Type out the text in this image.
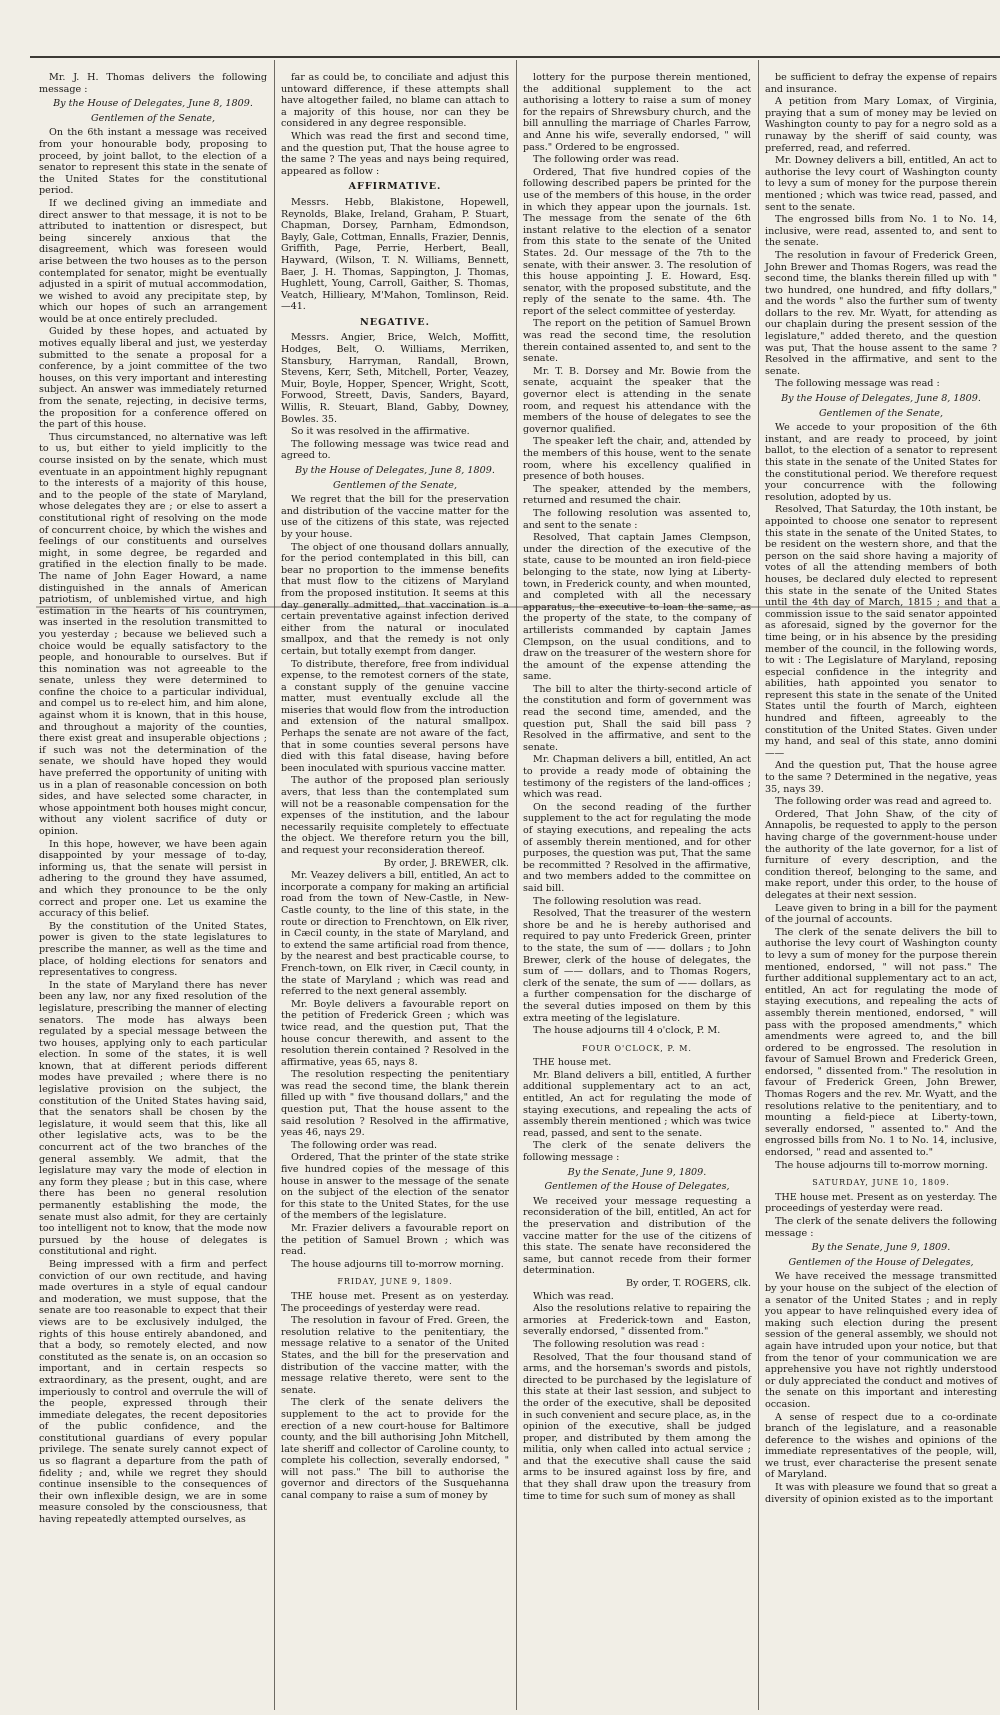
Mr. J. H. Thomas delivers the following message :

By the House of Delegates, June 8, 1809.

Gentlemen of the Senate,

On the 6th instant a message was received from your honourable body, proposing to proceed, by joint ballot, to the election of a senator to represent this state in the senate of the United States for the constitutional period.

If we declined giving an immediate and direct answer to that message, it is not to be attributed to inattention or disrespect, but being sincerely anxious that the disagreement, which was foreseen would arise between the two houses as to the person contemplated for senator, might be eventually adjusted in a spirit of mutual accommodation, we wished to avoid any precipitate step, by which our hopes of such an arrangement would be at once entirely precluded.

Guided by these hopes, and actuated by motives equally liberal and just, we yesterday submitted to the senate a proposal for a conference, by a joint committee of the two houses, on this very important and interesting subject. An answer was immediately returned from the senate, rejecting, in decisive terms, the proposition for a conference offered on the part of this house.

Thus circumstanced, no alternative was left to us, but either to yield implicitly to the course insisted on by the senate, which must eventuate in an appointment highly repugnant to the interests of a majority of this house, and to the people of the state of Maryland, whose delegates they are ; or else to assert a constitutional right of resolving on the mode of concurrent choice, by which the wishes and feelings of our constituents and ourselves might, in some degree, be regarded and gratified in the election finally to be made. The name of John Eager Howard, a name distinguished in the annals of American patriotism, of unblemished virtue, and high estimation in the hearts of his countrymen, was inserted in the resolution transmitted to you yesterday ; because we believed such a choice would be equally satisfactory to the people, and honourable to ourselves. But if this nomination was not agreeable to the senate, unless they were determined to confine the choice to a particular individual, and compel us to re-elect him, and him alone, against whom it is known, that in this house, and throughout a majority of the counties, there exist great and insuperable objections ; if such was not the determination of the senate, we should have hoped they would have preferred the opportunity of uniting with us in a plan of reasonable concession on both sides, and have selected some character, in whose appointment both houses might concur, without any violent sacrifice of duty or opinion.

In this hope, however, we have been again disappointed by your message of to-day, informing us, that the senate will persist in adhering to the ground they have assumed, and which they pronounce to be the only correct and proper one. Let us examine the accuracy of this belief.

By the constitution of the United States, power is given to the state legislatures to prescribe the manner, as well as the time and place, of holding elections for senators and representatives to congress.

In the state of Maryland there has never been any law, nor any fixed resolution of the legislature, prescribing the manner of electing senators. The mode has always been regulated by a special message between the two houses, applying only to each particular election. In some of the states, it is well known, that at different periods different modes have prevailed ; where there is no legislative provision on the subject, the constitution of the United States having said, that the senators shall be chosen by the legislature, it would seem that this, like all other legislative acts, was to be the concurrent act of the two branches of the general assembly. We admit, that the legislature may vary the mode of election in any form they please ; but in this case, where there has been no general resolution permanently establishing the mode, the senate must also admit, for they are certainly too intelligent not to know, that the mode now pursued by the house of delegates is constitutional and right.

Being impressed with a firm and perfect conviction of our own rectitude, and having made overtures in a style of equal candour and moderation, we must suppose, that the senate are too reasonable to expect that their views are to be exclusively indulged, the rights of this house entirely abandoned, and that a body, so remotely elected, and now constituted as the senate is, on an occasion so important, and in certain respects so extraordinary, as the present, ought, and are imperiously to control and overrule the will of the people, expressed through their immediate delegates, the recent depositories of the public confidence, and the constitutional guardians of every popular privilege. The senate surely cannot expect of us so flagrant a departure from the path of fidelity ; and, while we regret they should continue insensible to the consequences of their own inflexible design, we are in some measure consoled by the consciousness, that having repeatedly attempted ourselves, as

far as could be, to conciliate and adjust this untoward difference, if these attempts shall have altogether failed, no blame can attach to a majority of this house, nor can they be considered in any degree responsible.

Which was read the first and second time, and the question put, That the house agree to the same ? The yeas and nays being required, appeared as follow :

AFFIRMATIVE.

Messrs. Hebb, Blakistone, Hopewell, Reynolds, Blake, Ireland, Graham, P. Stuart, Chapman, Dorsey, Parnham, Edmondson, Bayly, Gale, Cottman, Ennalls, Frazier, Dennis, Griffith, Page, Perrie, Herbert, Beall, Hayward, (Wilson, T. N. Williams, Bennett, Baer, J. H. Thomas, Sappington, J. Thomas, Hughlett, Young, Carroll, Gaither, S. Thomas, Veatch, Hillieary, M'Mahon, Tomlinson, Reid.—41.

NEGATIVE.

Messrs. Angier, Brice, Welch, Moffitt, Hodges, Belt, O. Williams, Merriken, Stansbury, Harryman, Randall, Brown, Stevens, Kerr, Seth, Mitchell, Porter, Veazey, Muir, Boyle, Hopper, Spencer, Wright, Scott, Forwood, Streett, Davis, Sanders, Bayard, Willis, R. Steuart, Bland, Gabby, Downey, Bowles. 35.

So it was resolved in the affirmative.

The following message was twice read and agreed to.

By the House of Delegates, June 8, 1809.

Gentlemen of the Senate,

We regret that the bill for the preservation and distribution of the vaccine matter for the use of the citizens of this state, was rejected by your house.

The object of one thousand dollars annually, for the period contemplated in this bill, can bear no proportion to the immense benefits that must flow to the citizens of Maryland from the proposed institution. It seems at this day generally admitted, that vaccination is a certain preventative against infection derived either from the natural or inoculated smallpox, and that the remedy is not only certain, but totally exempt from danger.

To distribute, therefore, free from individual expense, to the remotest corners of the state, a constant supply of the genuine vaccine matter, must eventually exclude all the miseries that would flow from the introduction and extension of the natural smallpox. Perhaps the senate are not aware of the fact, that in some counties several persons have died with this fatal disease, having before been inoculated with spurious vaccine matter.

The author of the proposed plan seriously avers, that less than the contemplated sum will not be a reasonable compensation for the expenses of the institution, and the labour necessarily requisite completely to effectuate the object. We therefore return you the bill, and request your reconsideration thereof.

By order, J. BREWER, clk.

Mr. Veazey delivers a bill, entitled, An act to incorporate a company for making an artificial road from the town of New-Castle, in New-Castle county, to the line of this state, in the route or direction to Frenchtown, on Elk river, in Cæcil county, in the state of Maryland, and to extend the same artificial road from thence, by the nearest and best practicable course, to French-town, on Elk river, in Cæcil county, in the state of Maryland ; which was read and referred to the next general assembly.

Mr. Boyle delivers a favourable report on the petition of Frederick Green ; which was twice read, and the question put, That the house concur therewith, and assent to the resolution therein contained ? Resolved in the affirmative, yeas 65, nays 8.

The resolution respecting the penitentiary was read the second time, the blank therein filled up with " five thousand dollars," and the question put, That the house assent to the said resolution ? Resolved in the affirmative, yeas 46, nays 29.

The following order was read.

Ordered, That the printer of the state strike five hundred copies of the message of this house in answer to the message of the senate on the subject of the election of the senator for this state to the United States, for the use of the members of the legislature.

Mr. Frazier delivers a favourable report on the petition of Samuel Brown ; which was read.

The house adjourns till to-morrow morning.

FRIDAY, JUNE 9, 1809.

THE house met. Present as on yesterday. The proceedings of yesterday were read.

The resolution in favour of Fred. Green, the resolution relative to the penitentiary, the message relative to a senator of the United States, and the bill for the preservation and distribution of the vaccine matter, with the message relative thereto, were sent to the senate.

The clerk of the senate delivers the supplement to the act to provide for the erection of a new court-house for Baltimore county, and the bill authorising John Mitchell, late sheriff and collector of Caroline county, to complete his collection, severally endorsed, " will not pass." The bill to authorise the governor and directors of the Susquehanna canal company to raise a sum of money by

lottery for the purpose therein mentioned, the additional supplement to the act authorising a lottery to raise a sum of money for the repairs of Shrewsbury church, and the bill annulling the marriage of Charles Farrow, and Anne his wife, severally endorsed, " will pass." Ordered to be engrossed.

The following order was read.

Ordered, That five hundred copies of the following described papers be printed for the use of the members of this house, in the order in which they appear upon the journals. 1st. The message from the senate of the 6th instant relative to the election of a senator from this state to the senate of the United States. 2d. Our message of the 7th to the senate, with their answer. 3. The resolution of this house appointing J. E. Howard, Esq. senator, with the proposed substitute, and the reply of the senate to the same. 4th. The report of the select committee of yesterday.

The report on the petition of Samuel Brown was read the second time, the resolution therein contained assented to, and sent to the senate.

Mr. T. B. Dorsey and Mr. Bowie from the senate, acquaint the speaker that the governor elect is attending in the senate room, and request his attendance with the members of the house of delegates to see the governor qualified.

The speaker left the chair, and, attended by the members of this house, went to the senate room, where his excellency qualified in presence of both houses.

The speaker, attended by the members, returned and resumed the chair.

The following resolution was assented to, and sent to the senate :

Resolved, That captain James Clempson, under the direction of the executive of the state, cause to be mounted an iron field-piece belonging to the state, now lying at Liberty-town, in Frederick county, and when mounted, and completed with all the necessary apparatus, the executive to loan the same, as the property of the state, to the company of artillerists commanded by captain James Clempson, on the usual conditions, and to draw on the treasurer of the western shore for the amount of the expense attending the same.

The bill to alter the thirty-second article of the constitution and form of government was read the second time, amended, and the question put, Shall the said bill pass ? Resolved in the affirmative, and sent to the senate.

Mr. Chapman delivers a bill, entitled, An act to provide a ready mode of obtaining the testimony of the registers of the land-offices ; which was read.

On the second reading of the further supplement to the act for regulating the mode of staying executions, and repealing the acts of assembly therein mentioned, and for other purposes, the question was put, That the same be recommitted ? Resolved in the affirmative, and two members added to the committee on said bill.

The following resolution was read.

Resolved, That the treasurer of the western shore be and he is hereby authorised and required to pay unto Frederick Green, printer to the state, the sum of —— dollars ; to John Brewer, clerk of the house of delegates, the sum of —— dollars, and to Thomas Rogers, clerk of the senate, the sum of —— dollars, as a further compensation for the discharge of the several duties imposed on them by this extra meeting of the legislature.

The house adjourns till 4 o'clock, P. M.

FOUR O'CLOCK, P. M.

THE house met.

Mr. Bland delivers a bill, entitled, A further additional supplementary act to an act, entitled, An act for regulating the mode of staying executions, and repealing the acts of assembly therein mentioned ; which was twice read, passed, and sent to the senate.

The clerk of the senate delivers the following message :

By the Senate, June 9, 1809.

Gentlemen of the House of Delegates,

We received your message requesting a reconsideration of the bill, entitled, An act for the preservation and distribution of the vaccine matter for the use of the citizens of this state. The senate have reconsidered the same, but cannot recede from their former determination.

By order, T. ROGERS, clk.

Which was read.

Also the resolutions relative to repairing the armories at Frederick-town and Easton, severally endorsed, " dissented from."

The following resolution was read :

Resolved, That the four thousand stand of arms, and the horseman's swords and pistols, directed to be purchased by the legislature of this state at their last session, and subject to the order of the executive, shall be deposited in such convenient and secure place, as, in the opinion of the executive, shall be judged proper, and distributed by them among the militia, only when called into actual service ; and that the executive shall cause the said arms to be insured against loss by fire, and that they shall draw upon the treasury from time to time for such sum of money as shall

be sufficient to defray the expense of repairs and insurance.

A petition from Mary Lomax, of Virginia, praying that a sum of money may be levied on Washington county to pay for a negro sold as a runaway by the sheriff of said county, was preferred, read, and referred.

Mr. Downey delivers a bill, entitled, An act to authorise the levy court of Washington county to levy a sum of money for the purpose therein mentioned ; which was twice read, passed, and sent to the senate.

The engrossed bills from No. 1 to No. 14, inclusive, were read, assented to, and sent to the senate.

The resolution in favour of Frederick Green, John Brewer and Thomas Rogers, was read the second time, the blanks therein filled up with " two hundred, one hundred, and fifty dollars," and the words " also the further sum of twenty dollars to the rev. Mr. Wyatt, for attending as our chaplain during the present session of the legislature," added thereto, and the question was put, That the house assent to the same ? Resolved in the affirmative, and sent to the senate.

The following message was read :

By the House of Delegates, June 8, 1809.

Gentlemen of the Senate,

We accede to your proposition of the 6th instant, and are ready to proceed, by joint ballot, to the election of a senator to represent this state in the senate of the United States for the constitutional period. We therefore request your concurrence with the following resolution, adopted by us.

Resolved, That Saturday, the 10th instant, be appointed to choose one senator to represent this state in the senate of the United States, to be resident on the western shore, and that the person on the said shore having a majority of votes of all the attending members of both houses, be declared duly elected to represent this state in the senate of the United States until the 4th day of March, 1815 ; and that a commission issue to the said senator appointed as aforesaid, signed by the governor for the time being, or in his absence by the presiding member of the council, in the following words, to wit : The Legislature of Maryland, reposing especial confidence in the integrity and abilities, hath appointed you senator to represent this state in the senate of the United States until the fourth of March, eighteen hundred and fifteen, agreeably to the constitution of the United States. Given under my hand, and seal of this state, anno domini ——

And the question put, That the house agree to the same ? Determined in the negative, yeas 35, nays 39.

The following order was read and agreed to.

Ordered, That John Shaw, of the city of Annapolis, be requested to apply to the person having charge of the government-house under the authority of the late governor, for a list of furniture of every description, and the condition thereof, belonging to the same, and make report, under this order, to the house of delegates at their next session.

Leave given to bring in a bill for the payment of the journal of accounts.

The clerk of the senate delivers the bill to authorise the levy court of Washington county to levy a sum of money for the purpose therein mentioned, endorsed, " will not pass." The further additional supplementary act to an act, entitled, An act for regulating the mode of staying executions, and repealing the acts of assembly therein mentioned, endorsed, " will pass with the proposed amendments," which amendments were agreed to, and the bill ordered to be engrossed. The resolution in favour of Samuel Brown and Frederick Green, endorsed, " dissented from." The resolution in favour of Frederick Green, John Brewer, Thomas Rogers and the rev. Mr. Wyatt, and the resolutions relative to the penitentiary, and to mounting a field-piece at Liberty-town, severally endorsed, " assented to." And the engrossed bills from No. 1 to No. 14, inclusive, endorsed, " read and assented to."

The house adjourns till to-morrow morning.

SATURDAY, JUNE 10, 1809.

THE house met. Present as on yesterday. The proceedings of yesterday were read.

The clerk of the senate delivers the following message :

By the Senate, June 9, 1809.

Gentlemen of the House of Delegates,

We have received the message transmitted by your house on the subject of the election of a senator of the United States ; and in reply you appear to have relinquished every idea of making such election during the present session of the general assembly, we should not again have intruded upon your notice, but that from the tenor of your communication we are apprehensive you have not rightly understood or duly appreciated the conduct and motives of the senate on this important and interesting occasion.

A sense of respect due to a co-ordinate branch of the legislature, and a reasonable deference to the wishes and opinions of the immediate representatives of the people, will, we trust, ever characterise the present senate of Maryland.

It was with pleasure we found that so great a diversity of opinion existed as to the important
